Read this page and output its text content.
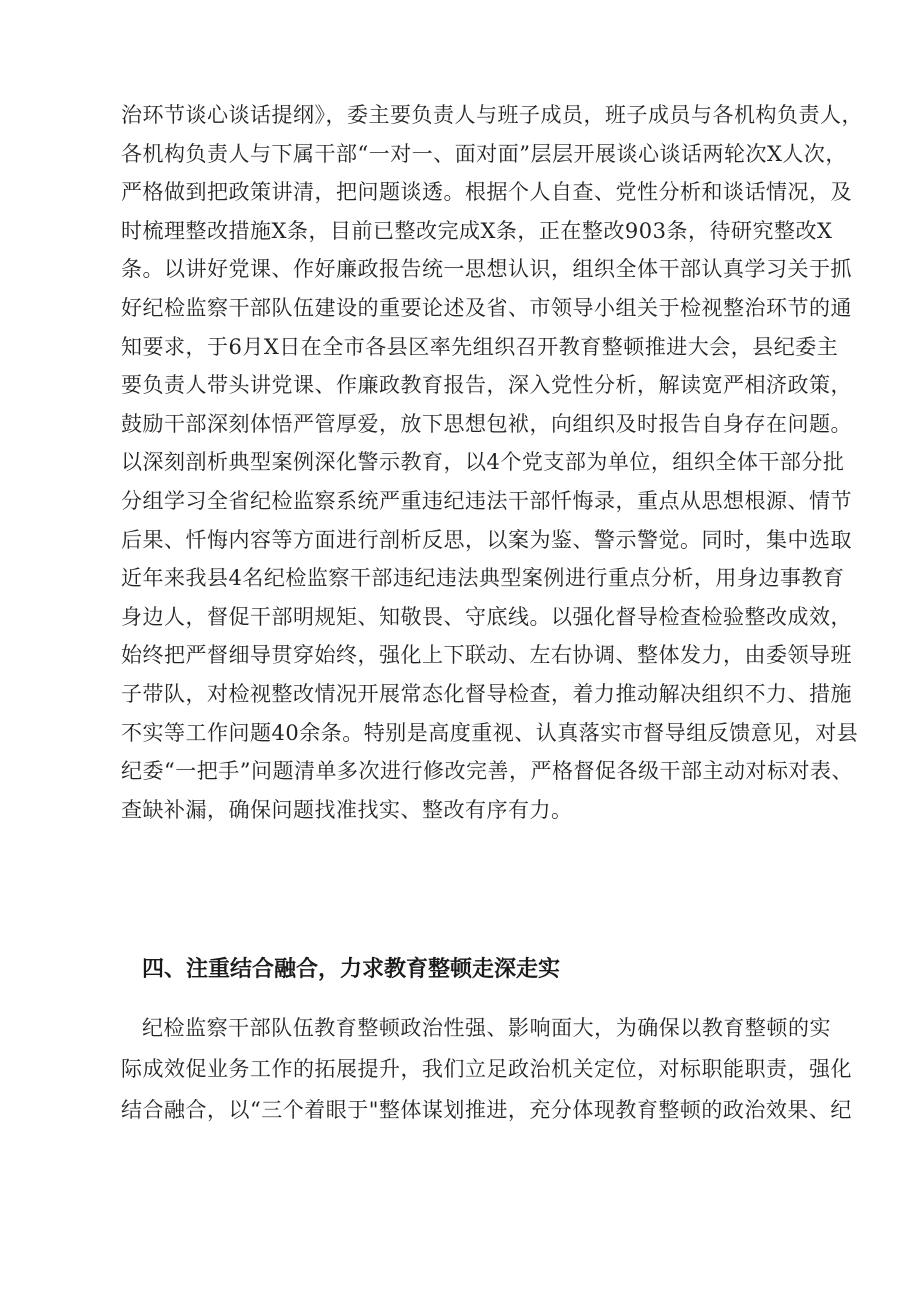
治环节谈心谈话提纲》，委主要负责人与班子成员，班子成员与各机构负责人，
各机构负责人与下属干部“一对一、面对面”层层开展谈心谈话两轮次X人次，
严格做到把政策讲清，把问题谈透。根据个人自查、党性分析和谈话情况，及
时梳理整改措施X条，目前已整改完成X条，正在整改903条，待研究整改X
条。以讲好党课、作好廉政报告统一思想认识，组织全体干部认真学习关于抓
好纪检监察干部队伍建设的重要论述及省、市领导小组关于检视整治环节的通
知要求，于6月X日在全市各县区率先组织召开教育整顿推进大会，县纪委主
要负责人带头讲党课、作廉政教育报告，深入党性分析，解读宽严相济政策，
鼓励干部深刻体悟严管厚爱，放下思想包袱，向组织及时报告自身存在问题。
以深刻剖析典型案例深化警示教育，以4个党支部为单位，组织全体干部分批
分组学习全省纪检监察系统严重违纪违法干部忏悔录，重点从思想根源、情节
后果、忏悔内容等方面进行剖析反思，以案为鉴、警示警觉。同时，集中选取
近年来我县4名纪检监察干部违纪违法典型案例进行重点分析，用身边事教育
身边人，督促干部明规矩、知敬畏、守底线。以强化督导检查检验整改成效，
始终把严督细导贯穿始终，强化上下联动、左右协调、整体发力，由委领导班
子带队，对检视整改情况开展常态化督导检查，着力推动解决组织不力、措施
不实等工作问题40余条。特别是高度重视、认真落实市督导组反馈意见，对县
纪委“一把手”问题清单多次进行修改完善，严格督促各级干部主动对标对表、
查缺补漏，确保问题找准找实、整改有序有力。
四、注重结合融合，力求教育整顿走深走实
纪检监察干部队伍教育整顿政治性强、影响面大，为确保以教育整顿的实
际成效促业务工作的拓展提升，我们立足政治机关定位，对标职能职责，强化
结合融合，以“三个着眼于"整体谋划推进，充分体现教育整顿的政治效果、纪
